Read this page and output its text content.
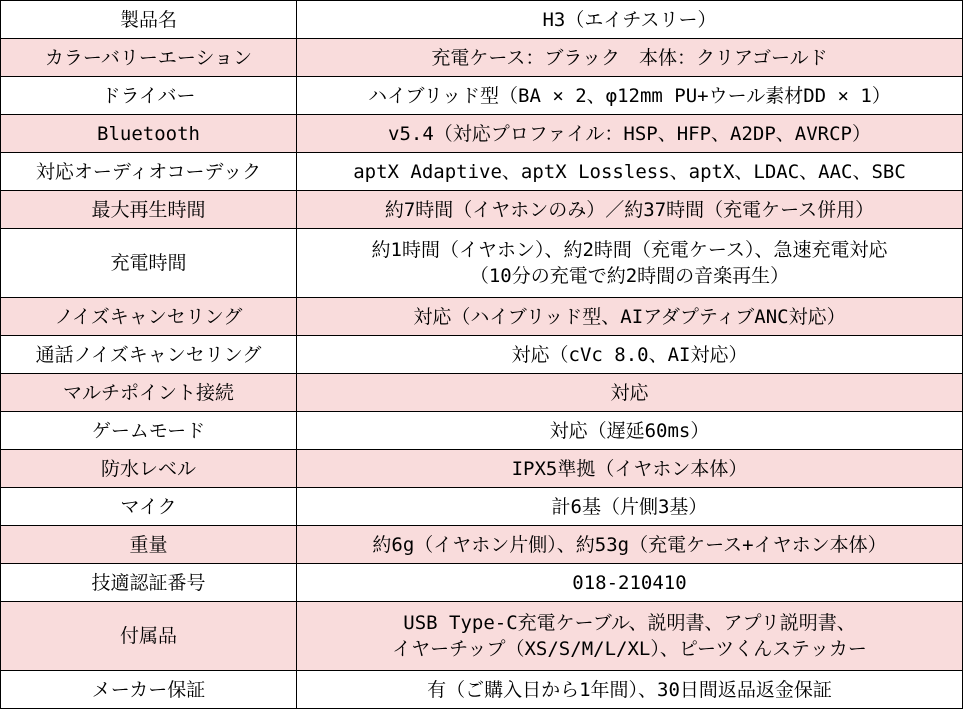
製品名	H3（エイチスリー）

カラーバリーエーション	充電ケース：ブラック　本体：クリアゴールド

ドライバー	ハイブリッド型（BA × 2、φ12mm PU+ウール素材DD × 1）

Bluetooth	v5.4（対応プロファイル：HSP、HFP、A2DP、AVRCP）

対応オーディオコーデック	aptX Adaptive、aptX Lossless、aptX、LDAC、AAC、SBC

最大再生時間	約7時間（イヤホンのみ）／約37時間（充電ケース併用）

充電時間	約1時間（イヤホン）、約2時間（充電ケース）、急速充電対応
（10分の充電で約2時間の音楽再生）

ノイズキャンセリング	対応（ハイブリッド型、AIアダプティブANC対応）

通話ノイズキャンセリング	対応（cVc 8.0、AI対応）

マルチポイント接続	対応

ゲームモード	対応（遅延60ms）

防水レベル	IPX5準拠（イヤホン本体）

マイク	計6基（片側3基）

重量	約6g（イヤホン片側）、約53g（充電ケース+イヤホン本体）

技適認証番号	018-210410

付属品	USB Type-C充電ケーブル、説明書、アプリ説明書、
イヤーチップ（XS/S/M/L/XL）、ピーツくんステッカー

メーカー保証	有（ご購入日から1年間）、30日間返品返金保証
